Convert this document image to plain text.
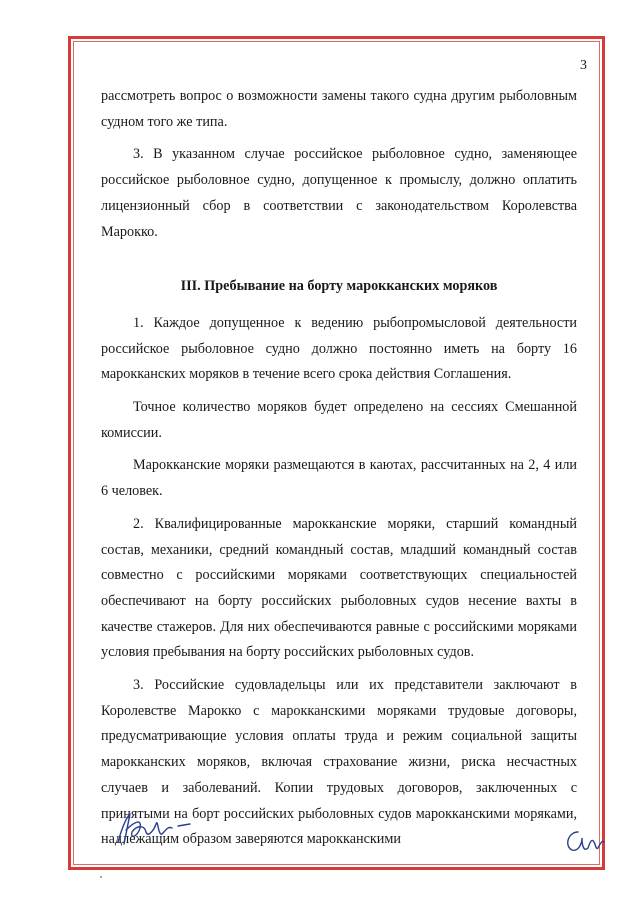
3

рассмотреть вопрос о возможности замены такого судна другим рыболовным судном того же типа.

3. В указанном случае российское рыболовное судно, заменяющее российское рыболовное судно, допущенное к промыслу, должно оплатить лицензионный сбор в соответствии с законодательством Королевства Марокко.

III. Пребывание на борту марокканских моряков

1. Каждое допущенное к ведению рыбопромысловой деятельности российское рыболовное судно должно постоянно иметь на борту 16 марокканских моряков в течение всего срока действия Соглашения.

Точное количество моряков будет определено на сессиях Смешанной комиссии.

Марокканские моряки размещаются в каютах, рассчитанных на 2, 4 или 6 человек.

2. Квалифицированные марокканские моряки, старший командный состав, механики, средний командный состав, младший командный состав совместно с российскими моряками соответствующих специальностей обеспечивают на борту российских рыболовных судов несение вахты в качестве стажеров. Для них обеспечиваются равные с российскими моряками условия пребывания на борту российских рыболовных судов.

3. Российские судовладельцы или их представители заключают в Королевстве Марокко с марокканскими моряками трудовые договоры, предусматривающие условия оплаты труда и режим социальной защиты марокканских моряков, включая страхование жизни, риска несчастных случаев и заболеваний. Копии трудовых договоров, заключенных с принятыми на борт российских рыболовных судов марокканскими моряками, надлежащим образом заверяются марокканскими
